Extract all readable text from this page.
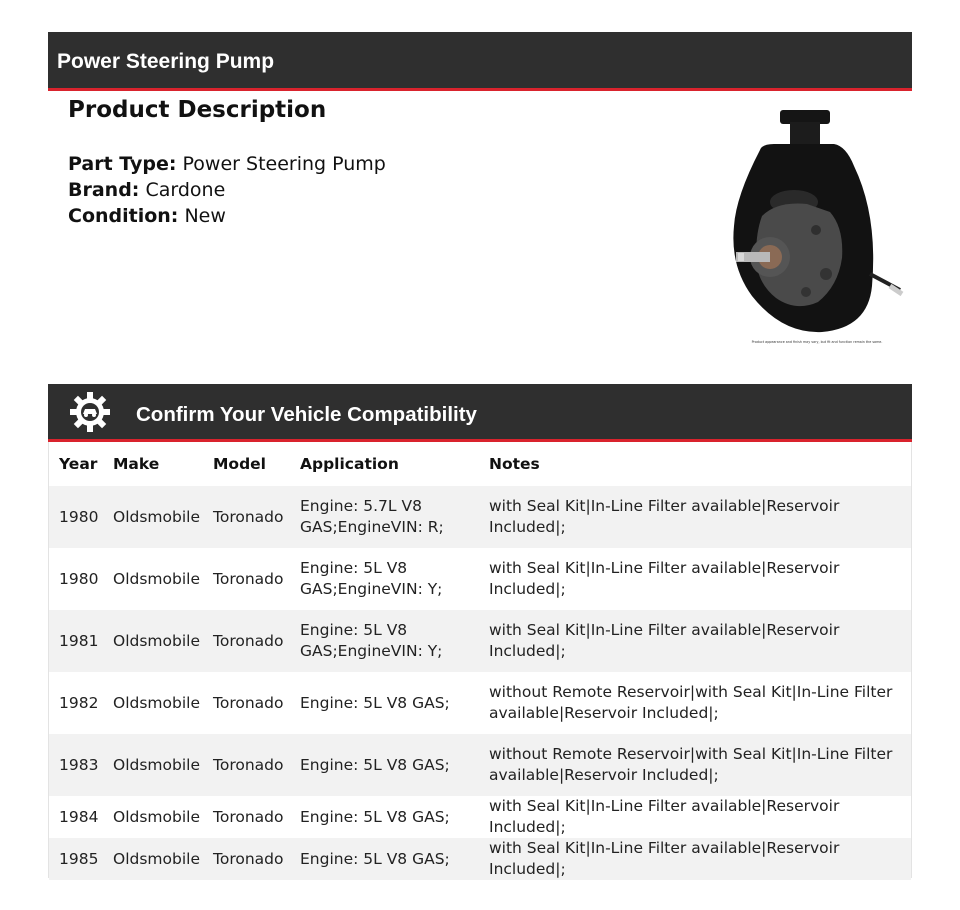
Power Steering Pump
Product Description
Part Type: Power Steering Pump
Brand: Cardone
Condition: New
Product appearance and finish may vary, but fit and function remain the same.
Confirm Your Vehicle Compatibility
Year	Make	Model	Application	Notes
1980	Oldsmobile	Toronado	Engine: 5.7L V8 GAS;EngineVIN: R;	with Seal Kit|In-Line Filter available|Reservoir Included|;
1980	Oldsmobile	Toronado	Engine: 5L V8 GAS;EngineVIN: Y;	with Seal Kit|In-Line Filter available|Reservoir Included|;
1981	Oldsmobile	Toronado	Engine: 5L V8 GAS;EngineVIN: Y;	with Seal Kit|In-Line Filter available|Reservoir Included|;
1982	Oldsmobile	Toronado	Engine: 5L V8 GAS;	without Remote Reservoir|with Seal Kit|In-Line Filter available|Reservoir Included|;
1983	Oldsmobile	Toronado	Engine: 5L V8 GAS;	without Remote Reservoir|with Seal Kit|In-Line Filter available|Reservoir Included|;
1984	Oldsmobile	Toronado	Engine: 5L V8 GAS;	with Seal Kit|In-Line Filter available|Reservoir Included|;
1985	Oldsmobile	Toronado	Engine: 5L V8 GAS;	with Seal Kit|In-Line Filter available|Reservoir Included|;
